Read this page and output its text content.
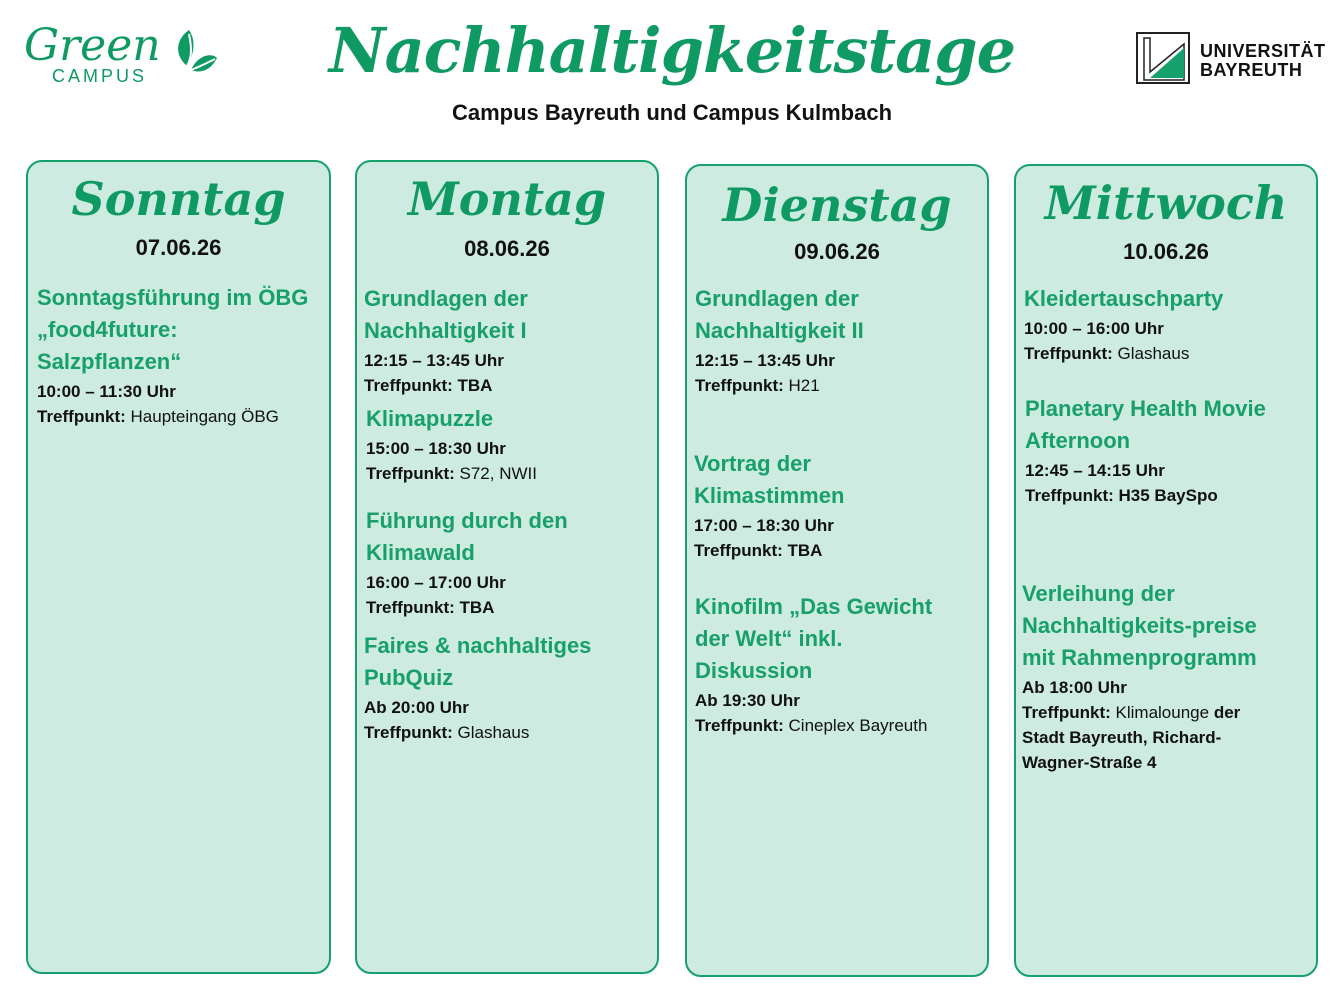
Green
CAMPUS	Nachhaltigkeitstage
Campus Bayreuth und Campus Kulmbach
UNIVERSITÄT
BAYREUTH
Sonntag
07.06.26
Sonntagsführung im ÖBG „food4future: Salzpflanzen“
10:00 – 11:30 Uhr
Treffpunkt: Haupteingang ÖBG
Montag
08.06.26
Grundlagen der Nachhaltigkeit I
12:15 – 13:45 Uhr
Treffpunkt: TBA
Klimapuzzle
15:00 – 18:30 Uhr
Treffpunkt: S72, NWII
Führung durch den Klimawald
16:00 – 17:00 Uhr
Treffpunkt: TBA
Faires & nachhaltiges PubQuiz
Ab 20:00 Uhr
Treffpunkt: Glashaus
Dienstag
09.06.26
Grundlagen der Nachhaltigkeit II
12:15 – 13:45 Uhr
Treffpunkt: H21
Vortrag der Klimastimmen
17:00 – 18:30 Uhr
Treffpunkt: TBA
Kinofilm „Das Gewicht der Welt“ inkl. Diskussion
Ab 19:30 Uhr
Treffpunkt: Cineplex Bayreuth
Mittwoch
10.06.26
Kleidertauschparty
10:00 – 16:00 Uhr
Treffpunkt: Glashaus
Planetary Health Movie Afternoon
12:45 – 14:15 Uhr
Treffpunkt: H35 BaySpo
Verleihung der Nachhaltigkeits-preise mit Rahmenprogramm
Ab 18:00 Uhr
Treffpunkt: Klimalounge der Stadt Bayreuth, Richard-Wagner-Straße 4
